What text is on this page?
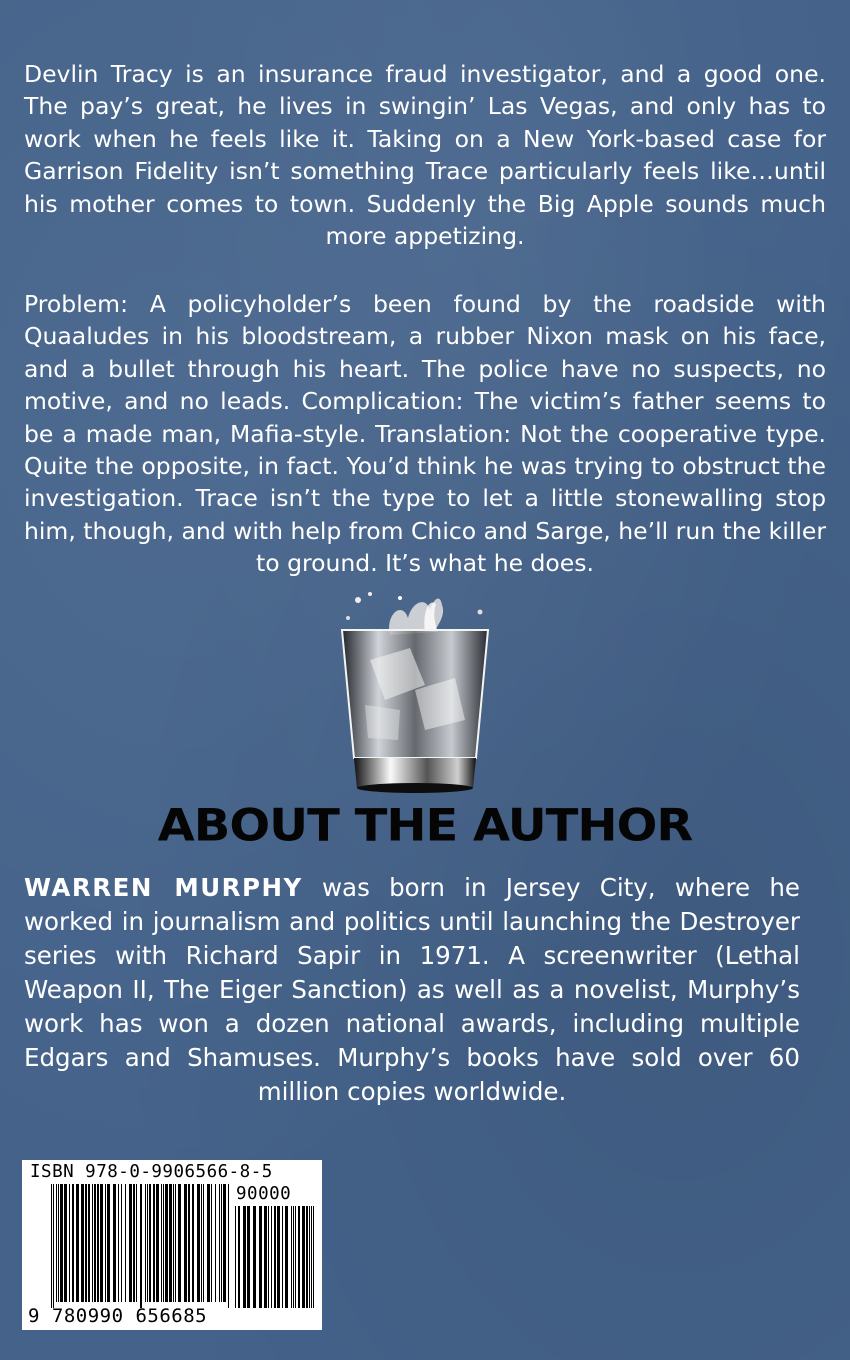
Devlin Tracy is an insurance fraud investigator, and a good one. The pay’s great, he lives in swingin’ Las Vegas, and only has to work when he feels like it. Taking on a New York-based case for Garrison Fidelity isn’t something Trace particularly feels like…until his mother comes to town. Suddenly the Big Apple sounds much more appetizing.

Problem: A policyholder’s been found by the roadside with Quaaludes in his bloodstream, a rubber Nixon mask on his face, and a bullet through his heart. The police have no suspects, no motive, and no leads. Complication: The victim’s father seems to be a made man, Mafia-style. Translation: Not the cooperative type. Quite the opposite, in fact. You’d think he was trying to obstruct the investigation. Trace isn’t the type to let a little stonewalling stop him, though, and with help from Chico and Sarge, he’ll run the killer to ground. It’s what he does.

ABOUT THE AUTHOR

WARREN MURPHY was born in Jersey City, where he worked in journalism and politics until launching the Destroyer series with Richard Sapir in 1971. A screenwriter (Lethal Weapon II, The Eiger Sanction) as well as a novelist, Murphy’s work has won a dozen national awards, including multiple Edgars and Shamuses. Murphy’s books have sold over 60 million copies worldwide.

ISBN 978-0-9906566-8-5
90000
9 780990 656685
